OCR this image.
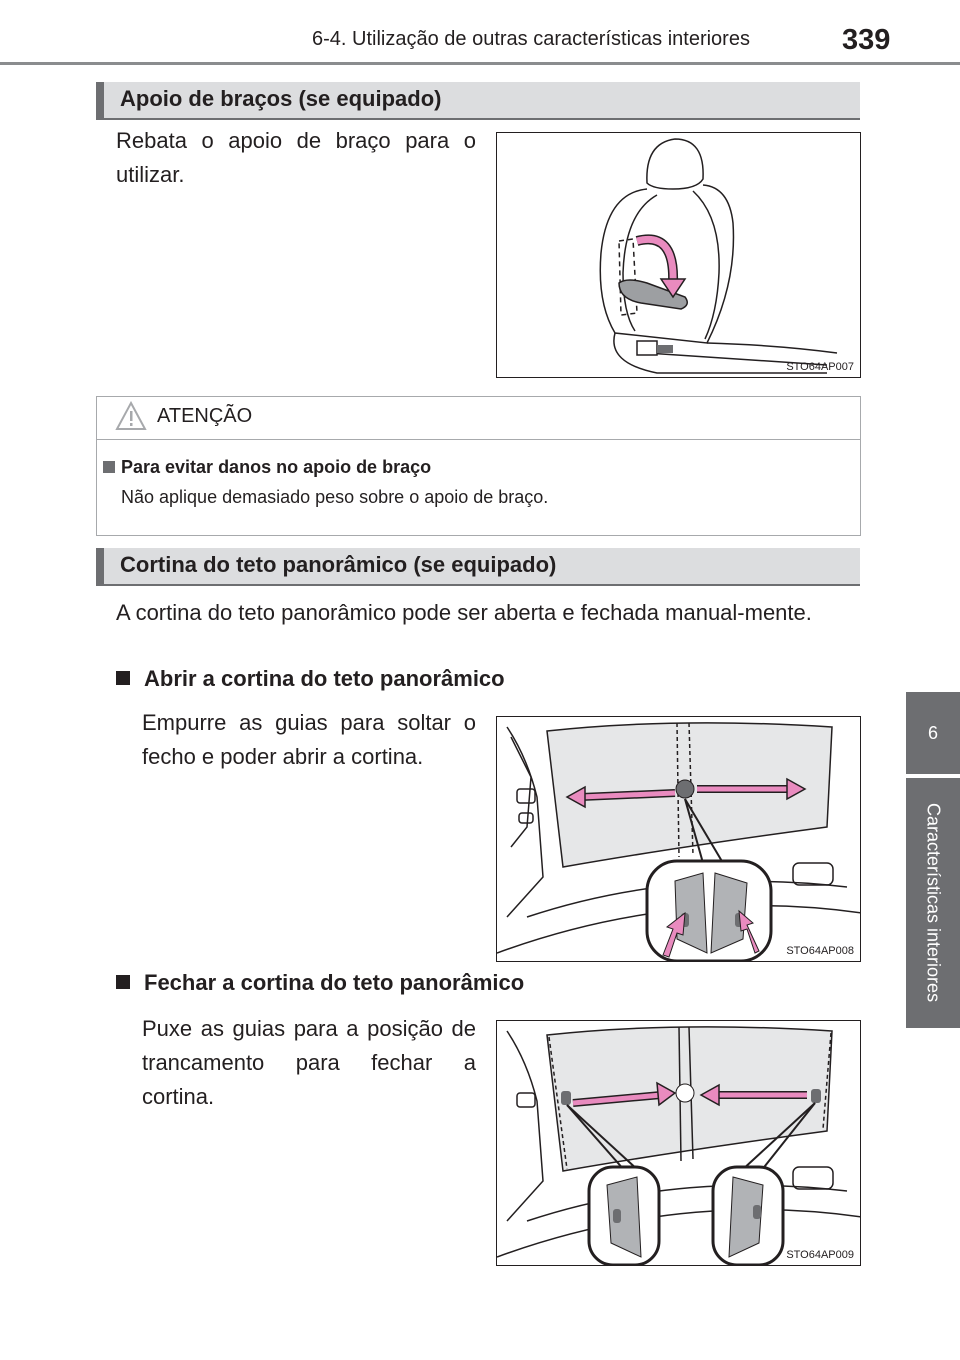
6-4. Utilização de outras características interiores	339
6
Características interiores
Apoio de braços (se equipado)
Rebata o apoio de braço para o utilizar.
STO64AP007
ATENÇÃO
Para evitar danos no apoio de braço
Não aplique demasiado peso sobre o apoio de braço.
Cortina do teto panorâmico (se equipado)
A cortina do teto panorâmico pode ser aberta e fechada manual-mente.
Abrir a cortina do teto panorâmico
Empurre as guias para soltar o fecho e poder abrir a cortina.
STO64AP008
Fechar a cortina do teto panorâmico
Puxe as guias para a posição de trancamento para fechar a cortina.
STO64AP009
